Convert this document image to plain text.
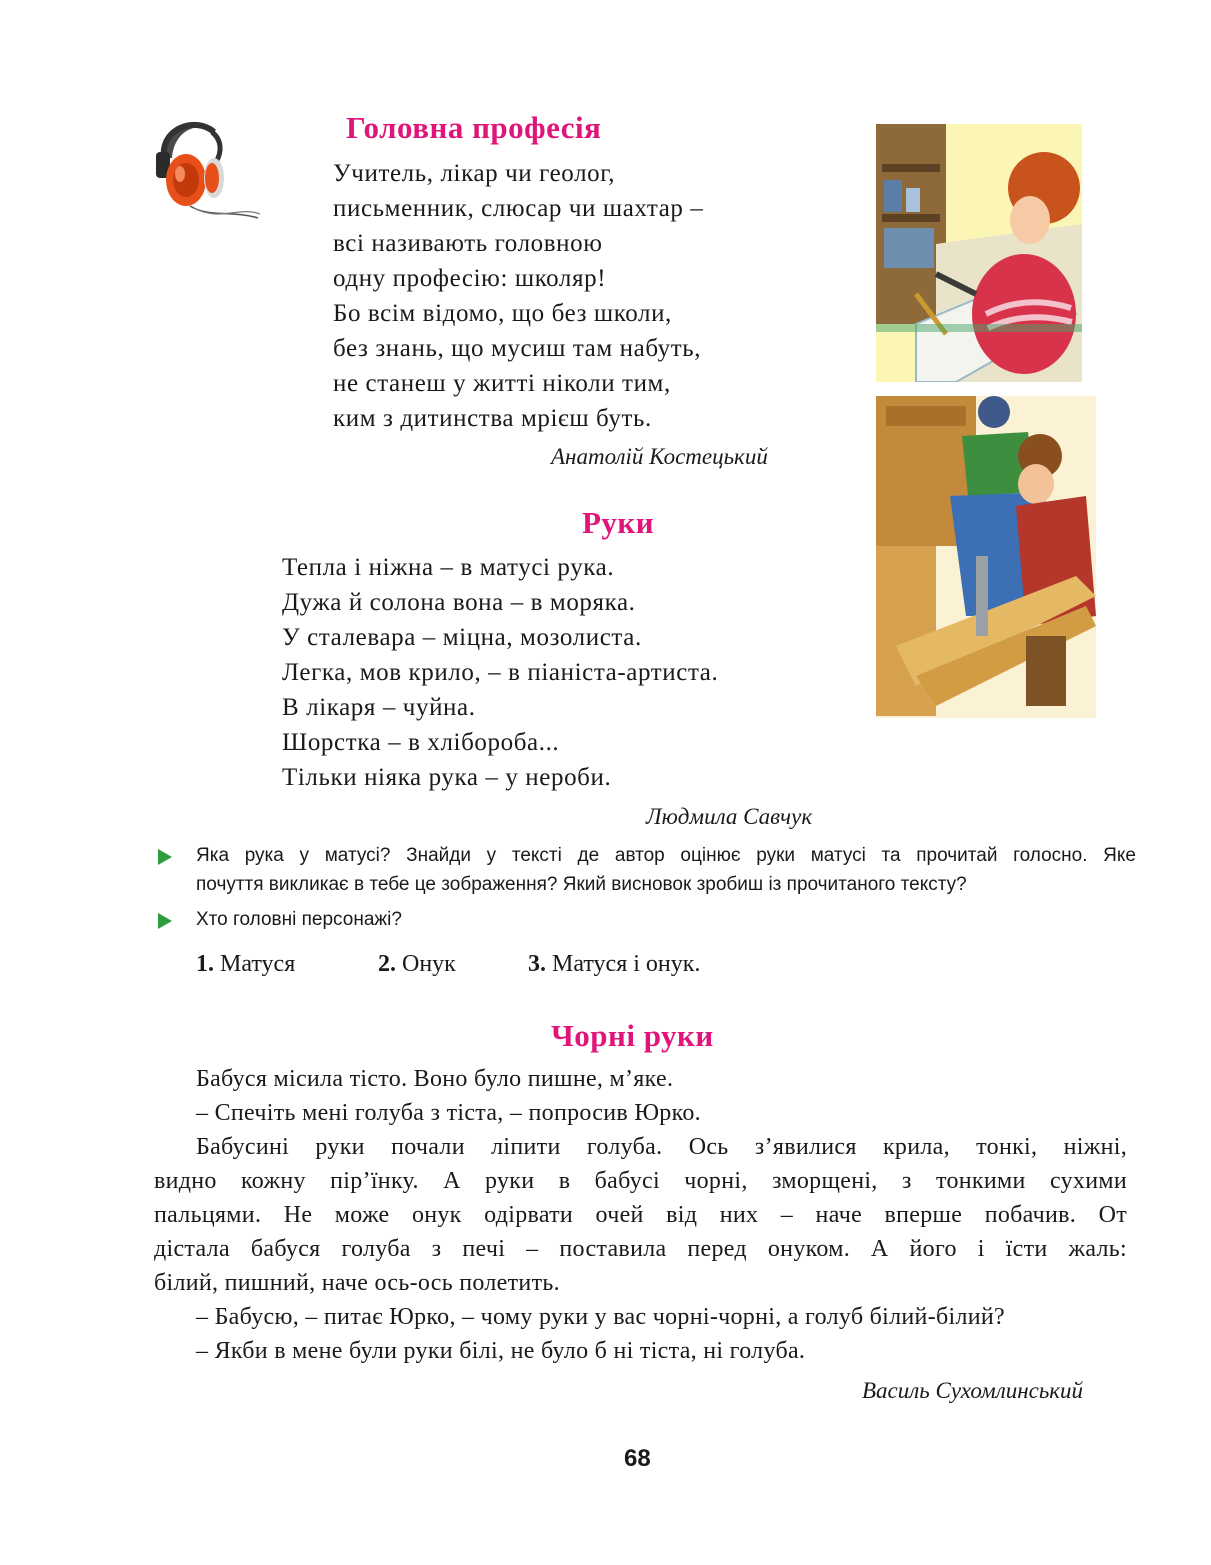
Головна професія
Учитель, лікар чи геолог,
письменник, слюсар чи шахтар –
всі називають головною
одну професію: школяр!
Бо всім відомо, що без школи,
без знань, що мусиш там набуть,
не станеш у житті ніколи тим,
ким з дитинства мрієш буть.
Анатолій Костецький
Руки
Тепла і ніжна – в матусі рука.
Дужа й солона вона – в моряка.
У сталевара – міцна, мозолиста.
Легка, мов крило, – в піаніста-артиста.
В лікаря – чуйна.
Шорстка – в хлібороба...
Тільки ніяка рука – у нероби.
Людмила Савчук
Яка рука у матусі? Знайди у тексті де автор оцінює руки матусі та прочитай голосно. Яке
почуття викликає в тебе це зображення? Який висновок зробиш із прочитаного тексту?
Хто головні персонажі?
1. Матуся	2. Онук	3. Матуся і онук.
Чорні руки
Бабуся місила тісто. Воно було пишне, м’яке.
– Спечіть мені голуба з тіста, – попросив Юрко.
Бабусині руки почали ліпити голуба. Ось з’явилися крила, тонкі, ніжні,
видно кожну пір’їнку. А руки в бабусі чорні, зморщені, з тонкими сухими
пальцями. Не може онук одірвати очей від них – наче вперше побачив. От
дістала бабуся голуба з печі – поставила перед онуком. А його і їсти жаль:
білий, пишний, наче ось-ось полетить.
– Бабусю, – питає Юрко, – чому руки у вас чорні-чорні, а голуб білий-білий?
– Якби в мене були руки білі, не було б ні тіста, ні голуба.
Василь Сухомлинський
68
